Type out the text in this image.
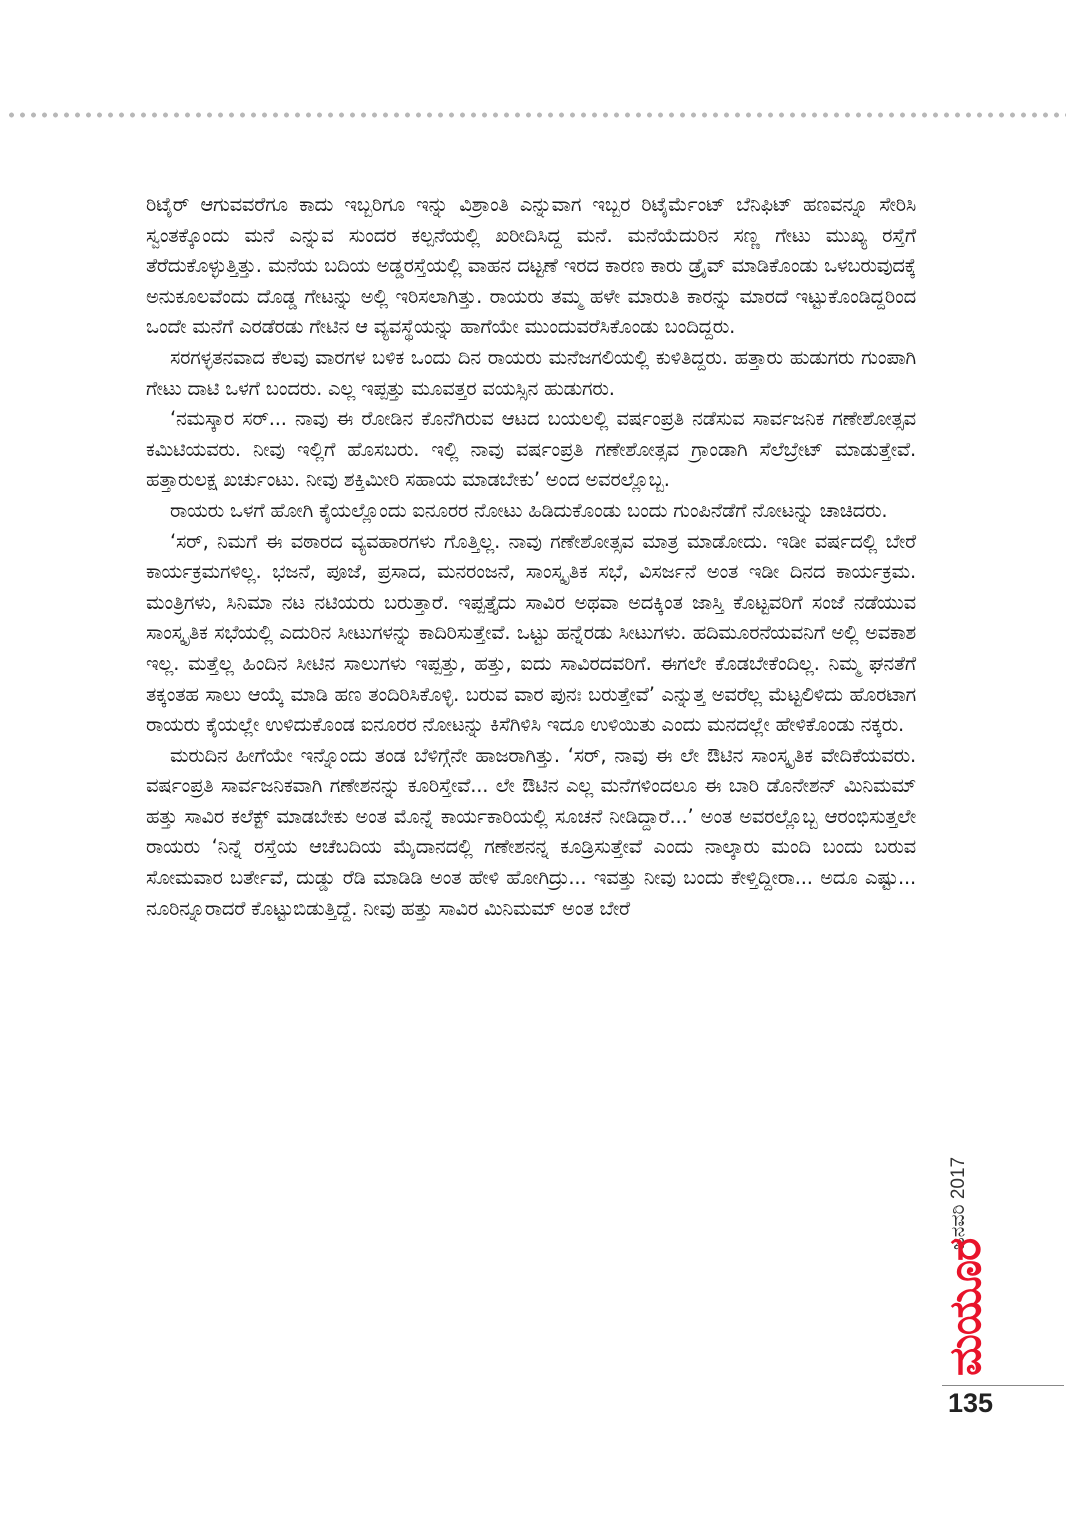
ರಿಟೈರ್ ಆಗುವವರೆಗೂ ಕಾದು ಇಬ್ಬರಿಗೂ ಇನ್ನು ವಿಶ್ರಾಂತಿ ಎನ್ನುವಾಗ ಇಬ್ಬರ ರಿಟೈರ್ಮೆಂಟ್ ಬೆನಿಫಿಟ್ ಹಣವನ್ನೂ ಸೇರಿಸಿ ಸ್ವಂತಕ್ಕೊಂದು ಮನೆ ಎನ್ನುವ ಸುಂದರ ಕಲ್ಪನೆಯಲ್ಲಿ ಖರೀದಿಸಿದ್ದ ಮನೆ. ಮನೆಯೆದುರಿನ ಸಣ್ಣ ಗೇಟು ಮುಖ್ಯ ರಸ್ತೆಗೆ ತೆರೆದುಕೊಳ್ಳುತ್ತಿತ್ತು. ಮನೆಯ ಬದಿಯ ಅಡ್ಡರಸ್ತೆಯಲ್ಲಿ ವಾಹನ ದಟ್ಟಣೆ ಇರದ ಕಾರಣ ಕಾರು ಡ್ರೈವ್ ಮಾಡಿಕೊಂಡು ಒಳಬರುವುದಕ್ಕೆ ಅನುಕೂಲವೆಂದು ದೊಡ್ಡ ಗೇಟನ್ನು ಅಲ್ಲಿ ಇರಿಸಲಾಗಿತ್ತು. ರಾಯರು ತಮ್ಮ ಹಳೇ ಮಾರುತಿ ಕಾರನ್ನು ಮಾರದೆ ಇಟ್ಟುಕೊಂಡಿದ್ದರಿಂದ ಒಂದೇ ಮನೆಗೆ ಎರಡೆರಡು ಗೇಟಿನ ಆ ವ್ಯವಸ್ಥೆಯನ್ನು ಹಾಗೆಯೇ ಮುಂದುವರೆಸಿಕೊಂಡು ಬಂದಿದ್ದರು.

ಸರಗಳ್ಳತನವಾದ ಕೆಲವು ವಾರಗಳ ಬಳಿಕ ಒಂದು ದಿನ ರಾಯರು ಮನೆಜಗಲಿಯಲ್ಲಿ ಕುಳಿತಿದ್ದರು. ಹತ್ತಾರು ಹುಡುಗರು ಗುಂಪಾಗಿ ಗೇಟು ದಾಟಿ ಒಳಗೆ ಬಂದರು. ಎಲ್ಲ ಇಪ್ಪತ್ತು ಮೂವತ್ತರ ವಯಸ್ಸಿನ ಹುಡುಗರು.

‘ನಮಸ್ಕಾರ ಸರ್... ನಾವು ಈ ರೋಡಿನ ಕೊನೆಗಿರುವ ಆಟದ ಬಯಲಲ್ಲಿ ವರ್ಷಂಪ್ರತಿ ನಡೆಸುವ ಸಾರ್ವಜನಿಕ ಗಣೇಶೋತ್ಸವ ಕಮಿಟಿಯವರು. ನೀವು ಇಲ್ಲಿಗೆ ಹೊಸಬರು. ಇಲ್ಲಿ ನಾವು ವರ್ಷಂಪ್ರತಿ ಗಣೇಶೋತ್ಸವ ಗ್ರಾಂಡಾಗಿ ಸೆಲೆಬ್ರೇಟ್ ಮಾಡುತ್ತೇವೆ. ಹತ್ತಾರುಲಕ್ಷ ಖರ್ಚುಂಟು. ನೀವು ಶಕ್ತಿಮೀರಿ ಸಹಾಯ ಮಾಡಬೇಕು’ ಅಂದ ಅವರಲ್ಲೊಬ್ಬ.

ರಾಯರು ಒಳಗೆ ಹೋಗಿ ಕೈಯಲ್ಲೊಂದು ಐನೂರರ ನೋಟು ಹಿಡಿದುಕೊಂಡು ಬಂದು ಗುಂಪಿನೆಡೆಗೆ ನೋಟನ್ನು ಚಾಚಿದರು.

‘ಸರ್, ನಿಮಗೆ ಈ ವಠಾರದ ವ್ಯವಹಾರಗಳು ಗೊತ್ತಿಲ್ಲ. ನಾವು ಗಣೇಶೋತ್ಸವ ಮಾತ್ರ ಮಾಡೋದು. ಇಡೀ ವರ್ಷದಲ್ಲಿ ಬೇರೆ ಕಾರ್ಯಕ್ರಮಗಳಿಲ್ಲ. ಭಜನೆ, ಪೂಜೆ, ಪ್ರಸಾದ, ಮನರಂಜನೆ, ಸಾಂಸ್ಕೃತಿಕ ಸಭೆ, ವಿಸರ್ಜನೆ ಅಂತ ಇಡೀ ದಿನದ ಕಾರ್ಯಕ್ರಮ. ಮಂತ್ರಿಗಳು, ಸಿನಿಮಾ ನಟ ನಟಿಯರು ಬರುತ್ತಾರೆ. ಇಪ್ಪತ್ತೈದು ಸಾವಿರ ಅಥವಾ ಅದಕ್ಕಿಂತ ಜಾಸ್ತಿ ಕೊಟ್ಟವರಿಗೆ ಸಂಜೆ ನಡೆಯುವ ಸಾಂಸ್ಕೃತಿಕ ಸಭೆಯಲ್ಲಿ ಎದುರಿನ ಸೀಟುಗಳನ್ನು ಕಾದಿರಿಸುತ್ತೇವೆ. ಒಟ್ಟು ಹನ್ನೆರಡು ಸೀಟುಗಳು. ಹದಿಮೂರನೆಯವನಿಗೆ ಅಲ್ಲಿ ಅವಕಾಶ ಇಲ್ಲ. ಮತ್ತೆಲ್ಲ ಹಿಂದಿನ ಸೀಟಿನ ಸಾಲುಗಳು ಇಪ್ಪತ್ತು, ಹತ್ತು, ಐದು ಸಾವಿರದವರಿಗೆ. ಈಗಲೇ ಕೊಡಬೇಕೆಂದಿಲ್ಲ. ನಿಮ್ಮ ಘನತೆಗೆ ತಕ್ಕಂತಹ ಸಾಲು ಆಯ್ಕೆ ಮಾಡಿ ಹಣ ತಂದಿರಿಸಿಕೊಳ್ಳಿ. ಬರುವ ವಾರ ಪುನಃ ಬರುತ್ತೇವೆ’ ಎನ್ನುತ್ತ ಅವರೆಲ್ಲ ಮೆಟ್ಟಲಿಳಿದು ಹೊರಟಾಗ ರಾಯರು ಕೈಯಲ್ಲೇ ಉಳಿದುಕೊಂಡ ಐನೂರರ ನೋಟನ್ನು ಕಿಸೆಗಿಳಿಸಿ ಇದೂ ಉಳಿಯಿತು ಎಂದು ಮನದಲ್ಲೇ ಹೇಳಿಕೊಂಡು ನಕ್ಕರು.

ಮರುದಿನ ಹೀಗೆಯೇ ಇನ್ನೊಂದು ತಂಡ ಬೆಳಿಗ್ಗೆನೇ ಹಾಜರಾಗಿತ್ತು. ‘ಸರ್, ನಾವು ಈ ಲೇ ಔಟಿನ ಸಾಂಸ್ಕೃತಿಕ ವೇದಿಕೆಯವರು. ವರ್ಷಂಪ್ರತಿ ಸಾರ್ವಜನಿಕವಾಗಿ ಗಣೇಶನನ್ನು ಕೂರಿಸ್ತೇವೆ... ಲೇ ಔಟಿನ ಎಲ್ಲ ಮನೆಗಳಿಂದಲೂ ಈ ಬಾರಿ ಡೊನೇಶನ್ ಮಿನಿಮಮ್ ಹತ್ತು ಸಾವಿರ ಕಲೆಕ್ಟ್ ಮಾಡಬೇಕು ಅಂತ ಮೊನ್ನೆ ಕಾರ್ಯಕಾರಿಯಲ್ಲಿ ಸೂಚನೆ ನೀಡಿದ್ದಾರೆ...’ ಅಂತ ಅವರಲ್ಲೊಬ್ಬ ಆರಂಭಿಸುತ್ತಲೇ ರಾಯರು ‘ನಿನ್ನೆ ರಸ್ತೆಯ ಆಚೆಬದಿಯ ಮೈದಾನದಲ್ಲಿ ಗಣೇಶನನ್ನ ಕೂಡ್ರಿಸುತ್ತೇವೆ ಎಂದು ನಾಲ್ಕಾರು ಮಂದಿ ಬಂದು ಬರುವ ಸೋಮವಾರ ಬರ್ತೇವೆ, ದುಡ್ಡು ರೆಡಿ ಮಾಡಿಡಿ ಅಂತ ಹೇಳಿ ಹೋಗಿದ್ರು... ಇವತ್ತು ನೀವು ಬಂದು ಕೇಳ್ತಿದ್ದೀರಾ... ಅದೂ ಎಷ್ಟು... ನೂರಿನ್ನೂರಾದರೆ ಕೊಟ್ಟುಬಿಡುತ್ತಿದ್ದೆ. ನೀವು ಹತ್ತು ಸಾವಿರ ಮಿನಿಮಮ್ ಅಂತ ಬೇರೆ

ಜನವರಿ 2017
ಮಯೂರ
135
